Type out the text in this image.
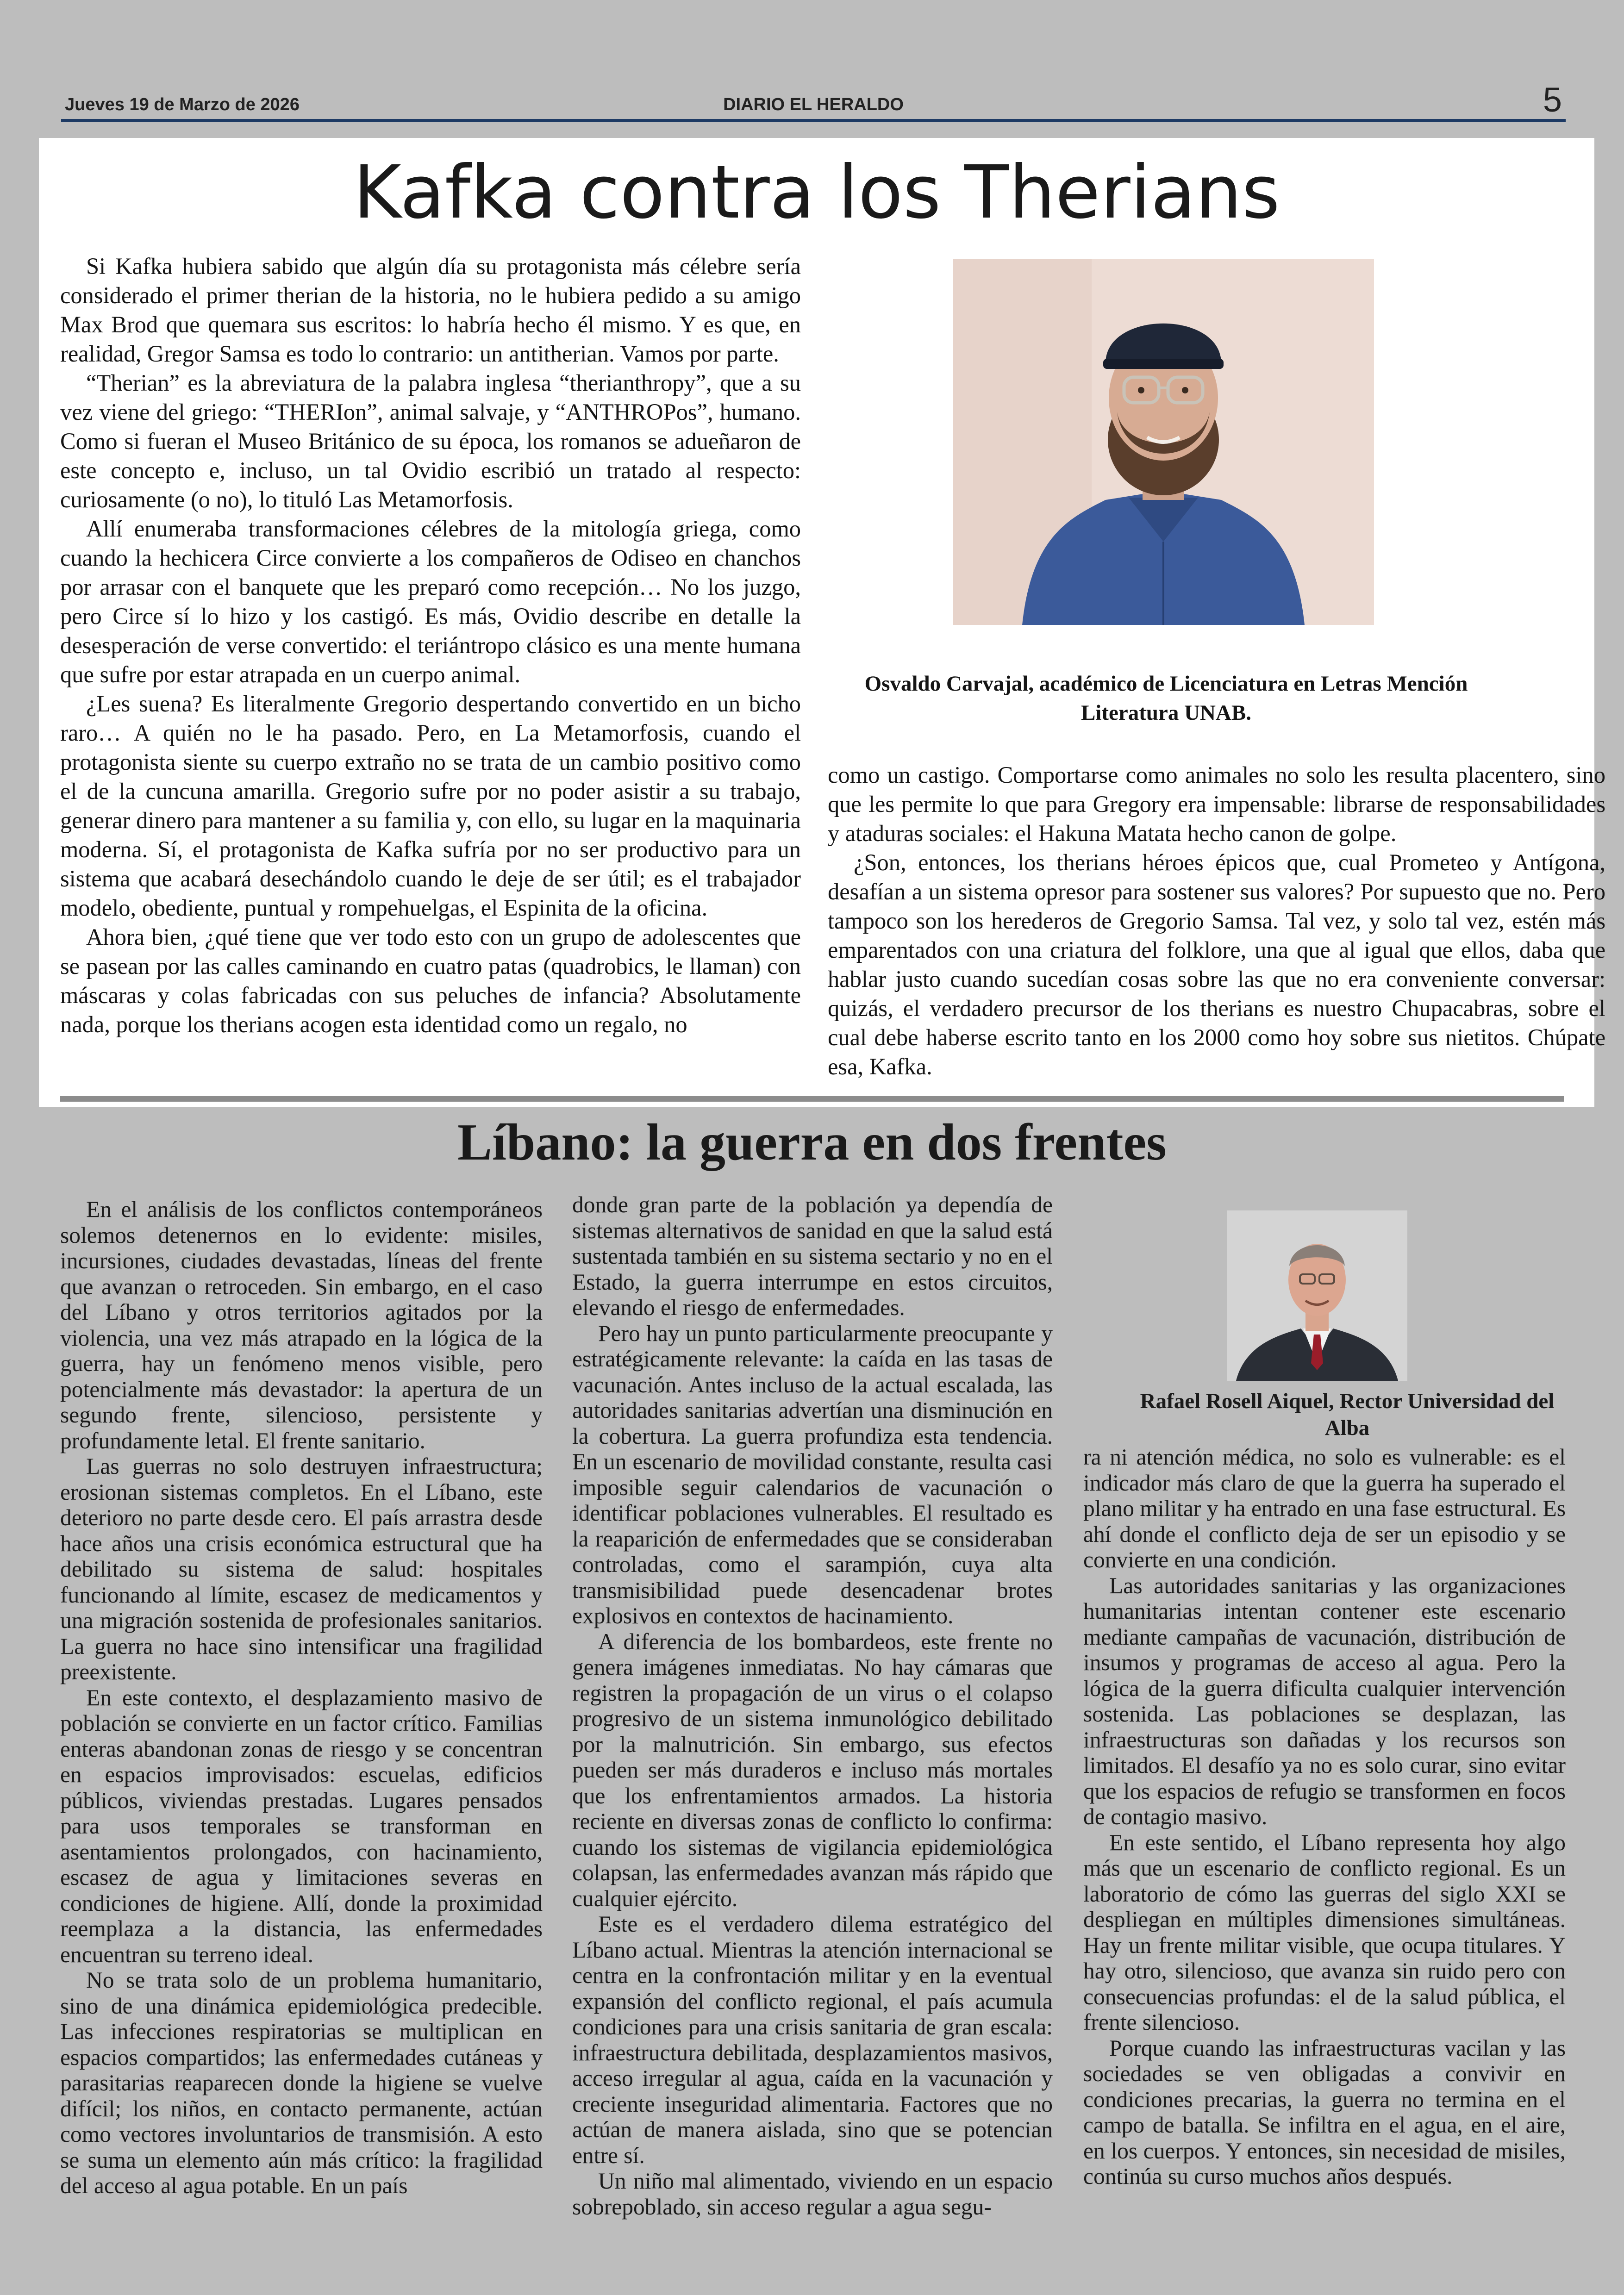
Jueves 19 de Marzo de 2026	DIARIO EL HERALDO	5
Kafka contra los Therians

Si Kafka hubiera sabido que algún día su protagonista más célebre sería considerado el primer therian de la historia, no le hubiera pedido a su amigo Max Brod que quemara sus escritos: lo habría hecho él mismo. Y es que, en realidad, Gregor Samsa es todo lo contrario: un antitherian. Vamos por parte.

“Therian” es la abreviatura de la palabra inglesa “therianthropy”, que a su vez viene del griego: “THERIon”, animal salvaje, y “ANTHROPos”, humano. Como si fueran el Museo Británico de su época, los romanos se adueñaron de este concepto e, incluso, un tal Ovidio escribió un tratado al respecto: curiosamente (o no), lo tituló Las Metamorfosis.

Allí enumeraba transformaciones célebres de la mitología griega, como cuando la hechicera Circe convierte a los compañeros de Odiseo en chanchos por arrasar con el banquete que les preparó como recepción… No los juzgo, pero Circe sí lo hizo y los castigó. Es más, Ovidio describe en detalle la desesperación de verse convertido: el teriántropo clásico es una mente humana que sufre por estar atrapada en un cuerpo animal.

¿Les suena? Es literalmente Gregorio despertando convertido en un bicho raro… A quién no le ha pasado. Pero, en La Metamorfosis, cuando el protagonista siente su cuerpo extraño no se trata de un cambio positivo como el de la cuncuna amarilla. Gregorio sufre por no poder asistir a su trabajo, generar dinero para mantener a su familia y, con ello, su lugar en la maquinaria moderna. Sí, el protagonista de Kafka sufría por no ser productivo para un sistema que acabará desechándolo cuando le deje de ser útil; es el trabajador modelo, obediente, puntual y rompehuelgas, el Espinita de la oficina.

Ahora bien, ¿qué tiene que ver todo esto con un grupo de adolescentes que se pasean por las calles caminando en cuatro patas (quadrobics, le llaman) con máscaras y colas fabricadas con sus peluches de infancia? Absolutamente nada, porque los therians acogen esta identidad como un regalo, no

Osvaldo Carvajal, académico de Licenciatura en Letras Mención Literatura UNAB.

como un castigo. Comportarse como animales no solo les resulta placentero, sino que les permite lo que para Gregory era impensable: librarse de responsabilidades y ataduras sociales: el Hakuna Matata hecho canon de golpe.

¿Son, entonces, los therians héroes épicos que, cual Prometeo y Antígona, desafían a un sistema opresor para sostener sus valores? Por supuesto que no. Pero tampoco son los herederos de Gregorio Samsa. Tal vez, y solo tal vez, estén más emparentados con una criatura del folklore, una que al igual que ellos, daba que hablar justo cuando sucedían cosas sobre las que no era conveniente conversar: quizás, el verdadero precursor de los therians es nuestro Chupacabras, sobre el cual debe haberse escrito tanto en los 2000 como hoy sobre sus nietitos. Chúpate esa, Kafka.

Líbano: la guerra en dos frentes

En el análisis de los conflictos contemporáneos solemos detenernos en lo evidente: misiles, incursiones, ciudades devastadas, líneas del frente que avanzan o retroceden. Sin embargo, en el caso del Líbano y otros territorios agitados por la violencia, una vez más atrapado en la lógica de la guerra, hay un fenómeno menos visible, pero potencialmente más devastador: la apertura de un segundo frente, silencioso, persistente y profundamente letal. El frente sanitario.

Las guerras no solo destruyen infraestructura; erosionan sistemas completos. En el Líbano, este deterioro no parte desde cero. El país arrastra desde hace años una crisis económica estructural que ha debilitado su sistema de salud: hospitales funcionando al límite, escasez de medicamentos y una migración sostenida de profesionales sanitarios. La guerra no hace sino intensificar una fragilidad preexistente.

En este contexto, el desplazamiento masivo de población se convierte en un factor crítico. Familias enteras abandonan zonas de riesgo y se concentran en espacios improvisados: escuelas, edificios públicos, viviendas prestadas. Lugares pensados para usos temporales se transforman en asentamientos prolongados, con hacinamiento, escasez de agua y limitaciones severas en condiciones de higiene. Allí, donde la proximidad reemplaza a la distancia, las enfermedades encuentran su terreno ideal.

No se trata solo de un problema humanitario, sino de una dinámica epidemiológica predecible. Las infecciones respiratorias se multiplican en espacios compartidos; las enfermedades cutáneas y parasitarias reaparecen donde la higiene se vuelve difícil; los niños, en contacto permanente, actúan como vectores involuntarios de transmisión. A esto se suma un elemento aún más crítico: la fragilidad del acceso al agua potable. En un país

donde gran parte de la población ya dependía de sistemas alternativos de sanidad en que la salud está sustentada también en su sistema sectario y no en el Estado, la guerra interrumpe en estos circuitos, elevando el riesgo de enfermedades.

Pero hay un punto particularmente preocupante y estratégicamente relevante: la caída en las tasas de vacunación. Antes incluso de la actual escalada, las autoridades sanitarias advertían una disminución en la cobertura. La guerra profundiza esta tendencia. En un escenario de movilidad constante, resulta casi imposible seguir calendarios de vacunación o identificar poblaciones vulnerables. El resultado es la reaparición de enfermedades que se consideraban controladas, como el sarampión, cuya alta transmisibilidad puede desencadenar brotes explosivos en contextos de hacinamiento.

A diferencia de los bombardeos, este frente no genera imágenes inmediatas. No hay cámaras que registren la propagación de un virus o el colapso progresivo de un sistema inmunológico debilitado por la malnutrición. Sin embargo, sus efectos pueden ser más duraderos e incluso más mortales que los enfrentamientos armados. La historia reciente en diversas zonas de conflicto lo confirma: cuando los sistemas de vigilancia epidemiológica colapsan, las enfermedades avanzan más rápido que cualquier ejército.

Este es el verdadero dilema estratégico del Líbano actual. Mientras la atención internacional se centra en la confrontación militar y en la eventual expansión del conflicto regional, el país acumula condiciones para una crisis sanitaria de gran escala: infraestructura debilitada, desplazamientos masivos, acceso irregular al agua, caída en la vacunación y creciente inseguridad alimentaria. Factores que no actúan de manera aislada, sino que se potencian entre sí.

Un niño mal alimentado, viviendo en un espacio sobrepoblado, sin acceso regular a agua segu-

Rafael Rosell Aiquel, Rector Universidad del Alba

ra ni atención médica, no solo es vulnerable: es el indicador más claro de que la guerra ha superado el plano militar y ha entrado en una fase estructural. Es ahí donde el conflicto deja de ser un episodio y se convierte en una condición.

Las autoridades sanitarias y las organizaciones humanitarias intentan contener este escenario mediante campañas de vacunación, distribución de insumos y programas de acceso al agua. Pero la lógica de la guerra dificulta cualquier intervención sostenida. Las poblaciones se desplazan, las infraestructuras son dañadas y los recursos son limitados. El desafío ya no es solo curar, sino evitar que los espacios de refugio se transformen en focos de contagio masivo.

En este sentido, el Líbano representa hoy algo más que un escenario de conflicto regional. Es un laboratorio de cómo las guerras del siglo XXI se despliegan en múltiples dimensiones simultáneas. Hay un frente militar visible, que ocupa titulares. Y hay otro, silencioso, que avanza sin ruido pero con consecuencias profundas: el de la salud pública, el frente silencioso.

Porque cuando las infraestructuras vacilan y las sociedades se ven obligadas a convivir en condiciones precarias, la guerra no termina en el campo de batalla. Se infiltra en el agua, en el aire, en los cuerpos. Y entonces, sin necesidad de misiles, continúa su curso muchos años después.
